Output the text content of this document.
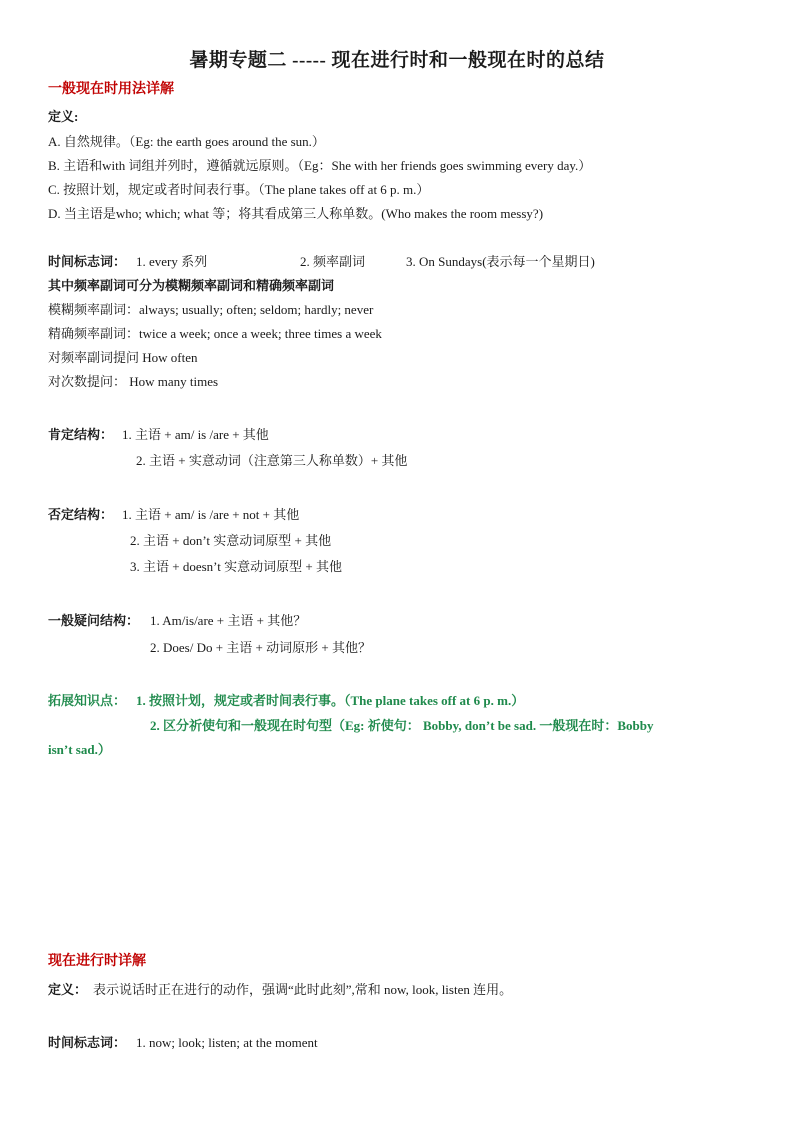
暑期专题二 ----- 现在进行时和一般现在时的总结
一般现在时用法详解
定义:
A. 自然规律。（Eg: the earth goes around the sun.）
B. 主语和with 词组并列时，遵循就远原则。（Eg：She with her friends goes swimming every day.）
C. 按照计划，规定或者时间表行事。（The plane takes off at 6 p. m.）
D. 当主语是who; which; what 等；将其看成第三人称单数。(Who makes the room messy?)
时间标志词： 1. every 系列	2. 频率副词	3. On Sundays(表示每一个星期日)
其中频率副词可分为模糊频率副词和精确频率副词
模糊频率副词：always; usually; often; seldom; hardly; never
精确频率副词：twice a week; once a week; three times a week
对频率副词提问 How often
对次数提问： How many times
肯定结构： 1. 主语 + am/ is /are + 其他
2. 主语 + 实意动词（注意第三人称单数）+ 其他
否定结构： 1. 主语 + am/ is /are + not + 其他
2. 主语 + don’t 实意动词原型 + 其他
3. 主语 + doesn’t 实意动词原型 + 其他
一般疑问结构： 1. Am/is/are + 主语 + 其他？
2. Does/ Do + 主语 + 动词原形 + 其他？
拓展知识点： 1. 按照计划，规定或者时间表行事。（The plane takes off at 6 p. m.）
2. 区分祈使句和一般现在时句型（Eg: 祈使句： Bobby, don’t be sad. 一般现在时：Bobby
isn’t sad.）
现在进行时详解
定义： 表示说话时正在进行的动作，强调“此时此刻”,常和 now, look, listen 连用。
时间标志词： 1. now; look; listen; at the moment
